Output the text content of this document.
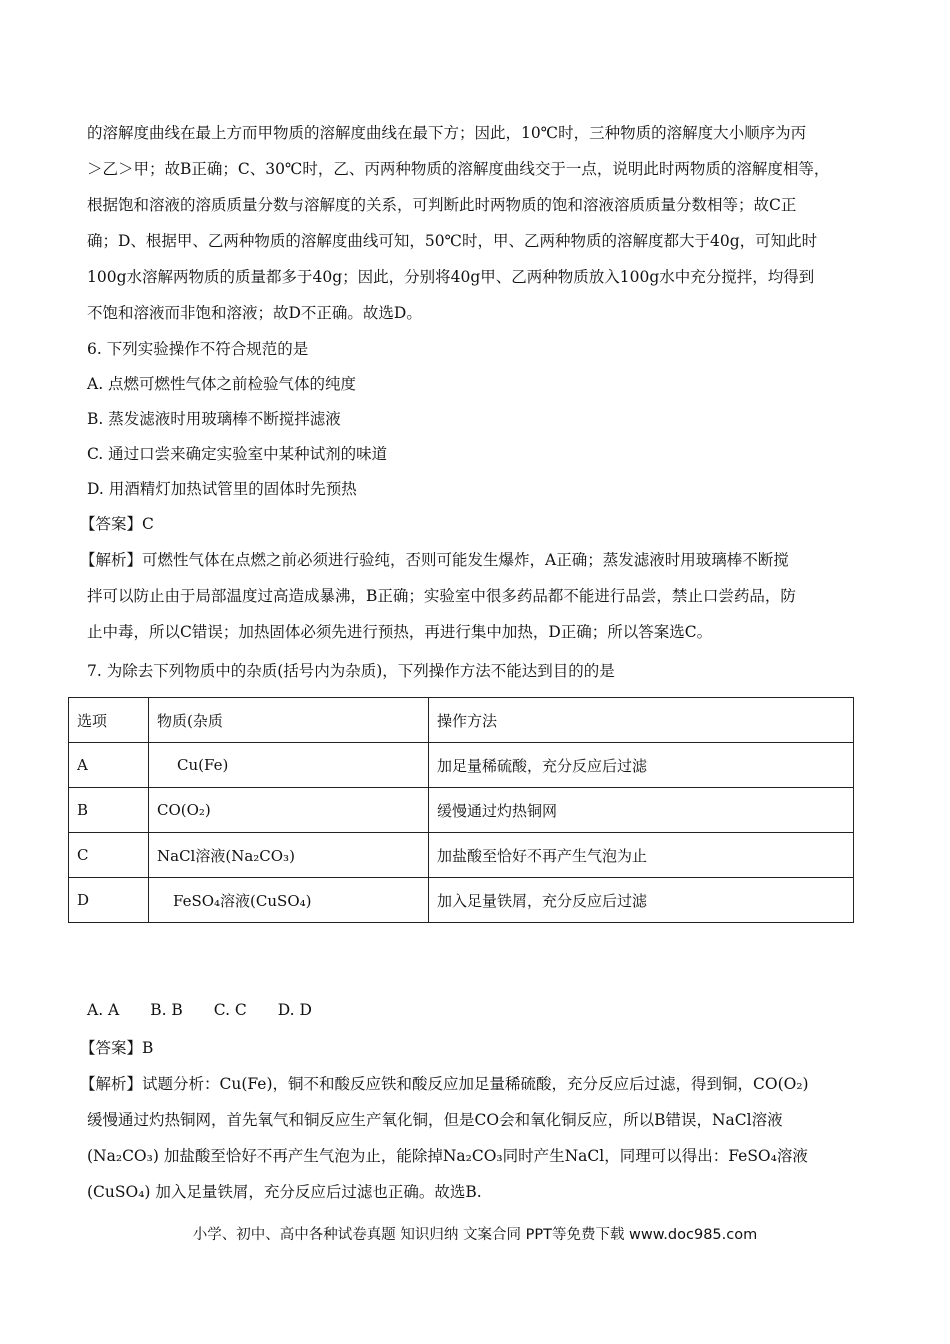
的溶解度曲线在最上方而甲物质的溶解度曲线在最下方；因此，10℃时，三种物质的溶解度大小顺序为丙
＞乙＞甲；故B正确；C、30℃时，乙、丙两种物质的溶解度曲线交于一点，说明此时两物质的溶解度相等，
根据饱和溶液的溶质质量分数与溶解度的关系，可判断此时两物质的饱和溶液溶质质量分数相等；故C正
确；D、根据甲、乙两种物质的溶解度曲线可知，50℃时，甲、乙两种物质的溶解度都大于40g，可知此时
100g水溶解两物质的质量都多于40g；因此，分别将40g甲、乙两种物质放入100g水中充分搅拌，均得到
不饱和溶液而非饱和溶液；故D不正确。故选D。
6. 下列实验操作不符合规范的是
A. 点燃可燃性气体之前检验气体的纯度
B. 蒸发滤液时用玻璃棒不断搅拌滤液
C. 通过口尝来确定实验室中某种试剂的味道
D. 用酒精灯加热试管里的固体时先预热
【答案】C
【解析】可燃性气体在点燃之前必须进行验纯，否则可能发生爆炸，A正确；蒸发滤液时用玻璃棒不断搅
拌可以防止由于局部温度过高造成暴沸，B正确；实验室中很多药品都不能进行品尝，禁止口尝药品，防
止中毒，所以C错误；加热固体必须先进行预热，再进行集中加热，D正确；所以答案选C。
7. 为除去下列物质中的杂质(括号内为杂质)，下列操作方法不能达到目的的是
选项	物质(杂质	操作方法
A	Cu(Fe)	加足量稀硫酸，充分反应后过滤
B	CO(O₂)	缓慢通过灼热铜网
C	NaCl溶液(Na₂CO₃)	加盐酸至恰好不再产生气泡为止
D	FeSO₄溶液(CuSO₄)	加入足量铁屑，充分反应后过滤
A. A B. B C. C D. D
【答案】B
【解析】试题分析：Cu(Fe)，铜不和酸反应铁和酸反应加足量稀硫酸，充分反应后过滤，得到铜，CO(O₂)
缓慢通过灼热铜网，首先氧气和铜反应生产氧化铜，但是CO会和氧化铜反应，所以B错误，NaCl溶液
(Na₂CO₃) 加盐酸至恰好不再产生气泡为止，能除掉Na₂CO₃同时产生NaCl，同理可以得出：FeSO₄溶液
(CuSO₄) 加入足量铁屑，充分反应后过滤也正确。故选B.
小学、初中、高中各种试卷真题 知识归纳 文案合同 PPT等免费下载 www.doc985.com
